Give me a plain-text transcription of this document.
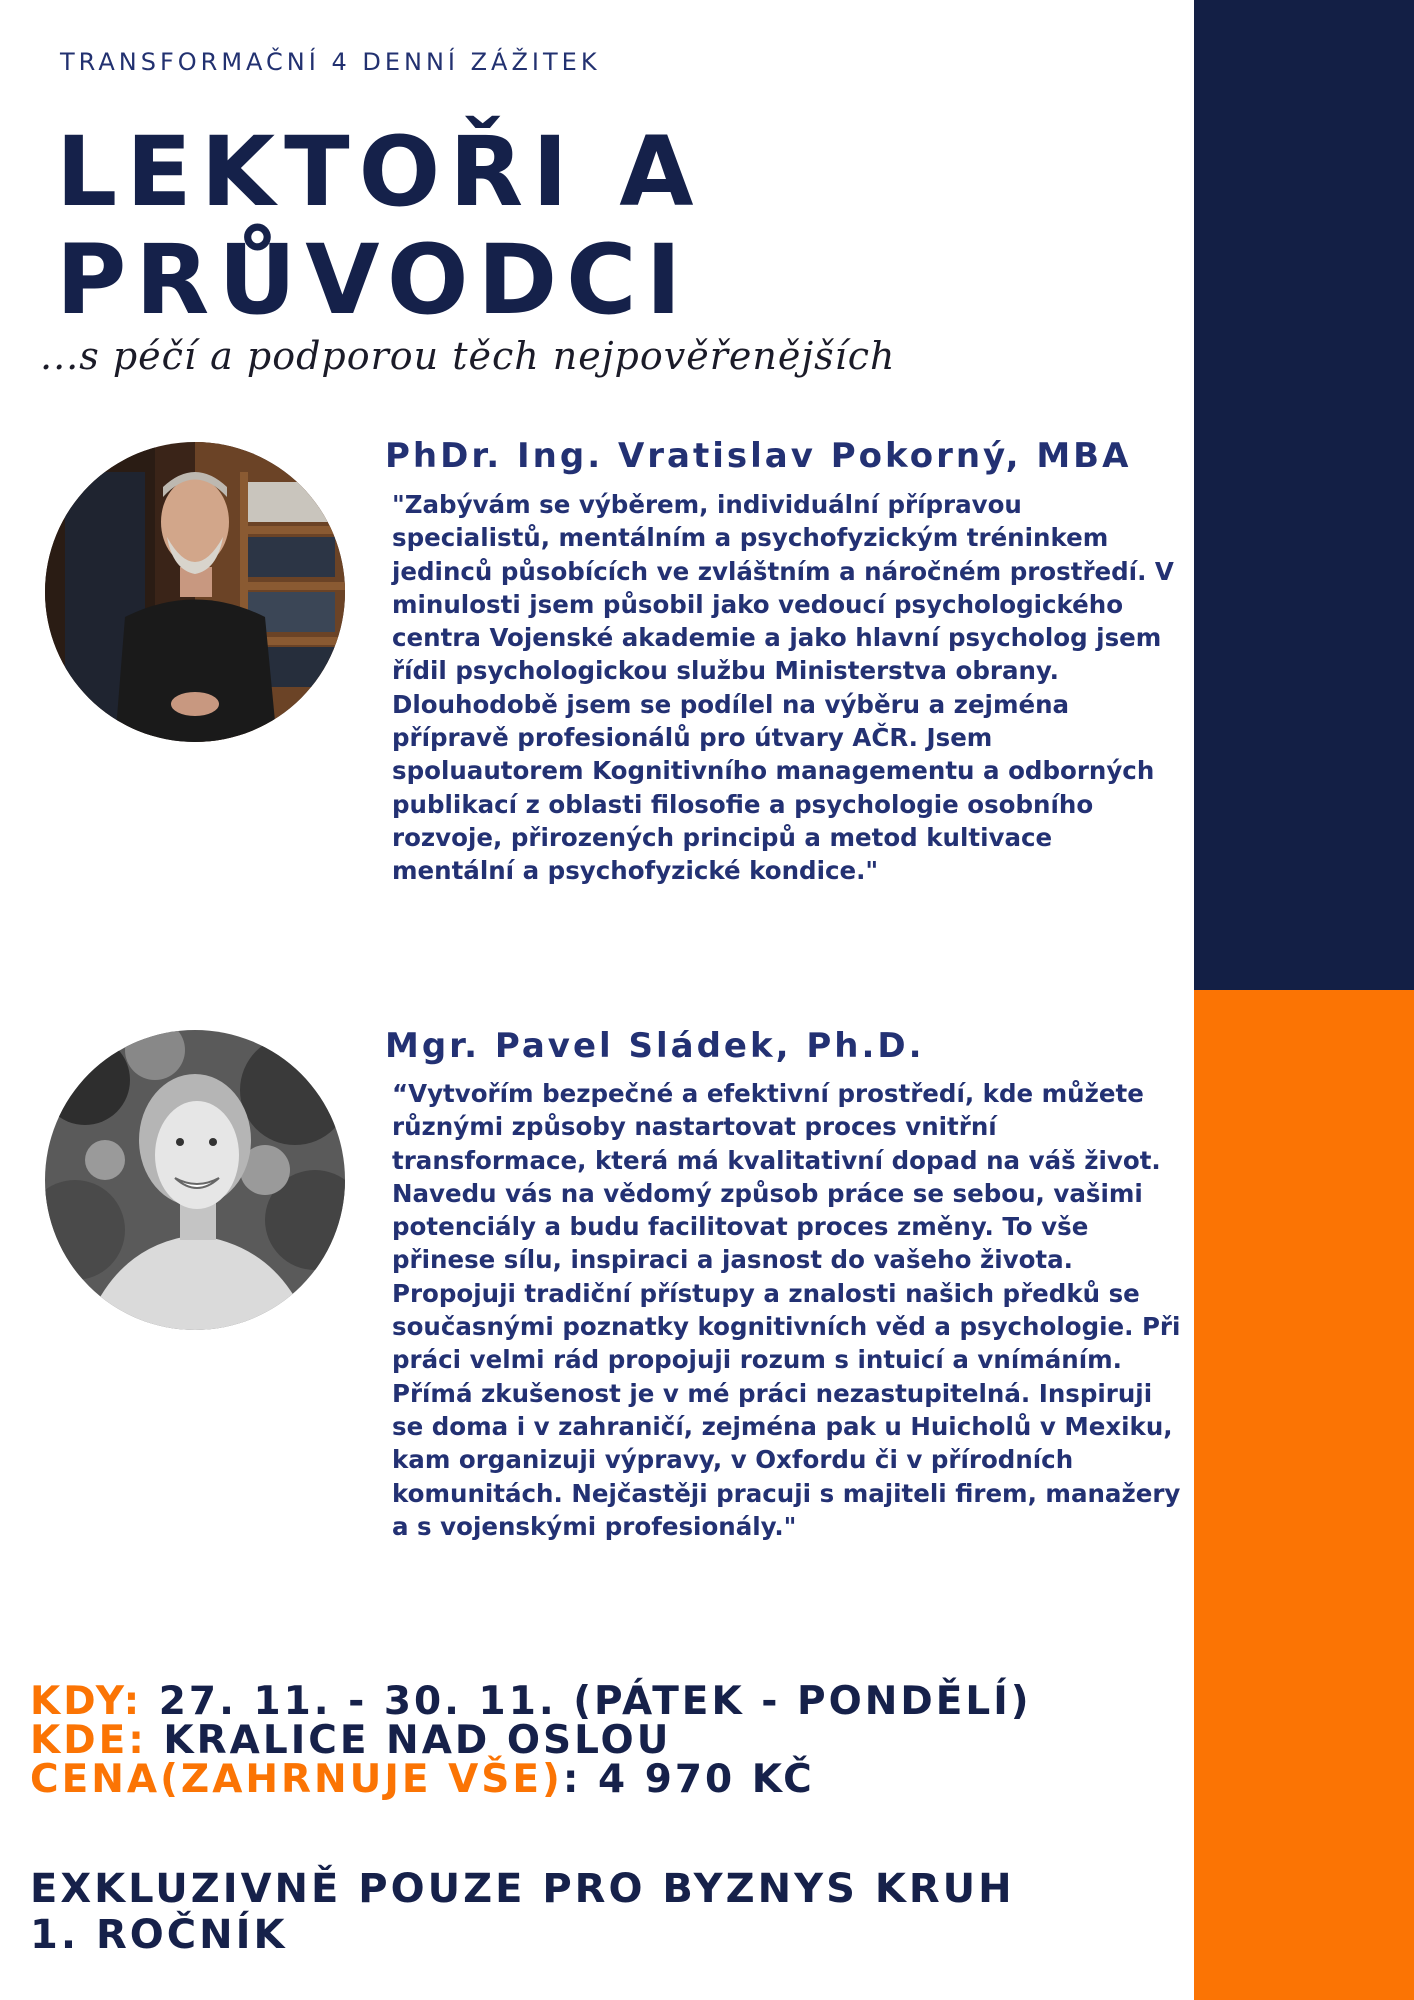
TRANSFORMAČNÍ 4 DENNÍ ZÁŽITEK
LEKTOŘI A
PRŮVODCI
...s péčí a podporou těch nejpověřenějších
PhDr. Ing. Vratislav Pokorný, MBA

"Zabývám se výběrem, individuální přípravou specialistů, mentálním a psychofyzickým tréninkem jedinců působících ve zvláštním a náročném prostředí. V minulosti jsem působil jako vedoucí psychologického centra Vojenské akademie a jako hlavní psycholog jsem řídil psychologickou službu Ministerstva obrany. Dlouhodobě jsem se podílel na výběru a zejména přípravě profesionálů pro útvary AČR. Jsem spoluautorem Kognitivního managementu a odborných publikací z oblasti filosofie a psychologie osobního rozvoje, přirozených principů a metod kultivace mentální a psychofyzické kondice."

Mgr. Pavel Sládek, Ph.D.

“Vytvořím bezpečné a efektivní prostředí, kde můžete různými způsoby nastartovat proces vnitřní transformace, která má kvalitativní dopad na váš život. Navedu vás na vědomý způsob práce se sebou, vašimi potenciály a budu facilitovat proces změny. To vše přinese sílu, inspiraci a jasnost do vašeho života. Propojuji tradiční přístupy a znalosti našich předků se současnými poznatky kognitivních věd a psychologie. Při práci velmi rád propojuji rozum s intuicí a vnímáním. Přímá zkušenost je v mé práci nezastupitelná. Inspiruji se doma i v zahraničí, zejména pak u Huicholů v Mexiku, kam organizuji výpravy, v Oxfordu či v přírodních komunitách. Nejčastěji pracuji s majiteli firem, manažery a s vojenskými profesionály."

KDY: 27. 11. - 30. 11. (PÁTEK - PONDĚLÍ)
KDE: KRALICE NAD OSLOU
CENA(ZAHRNUJE VŠE): 4 970 KČ
EXKLUZIVNĚ POUZE PRO BYZNYS KRUH
1. ROČNÍK
